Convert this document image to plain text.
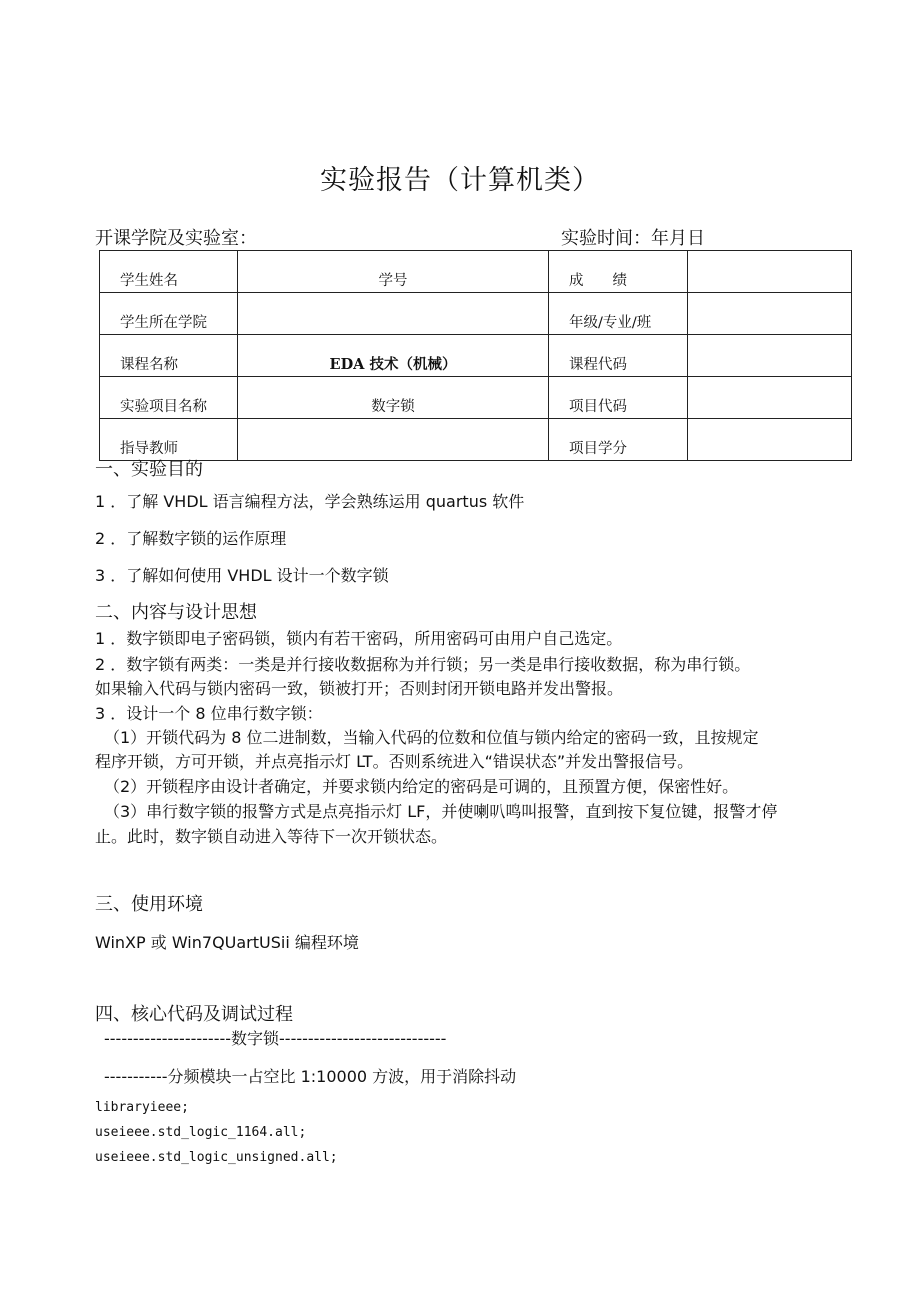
实验报告（计算机类）
开课学院及实验室：	实验时间：年月日
学生姓名	学号	成　　绩	
学生所在学院		年级/专业/班	
课程名称	EDA 技术（机械）	课程代码	
实验项目名称	数字锁	项目代码	
指导教师		项目学分	
一、实验目的
1 ．了解 VHDL 语言编程方法，学会熟练运用 quartus 软件
2 ．了解数字锁的运作原理
3 ．了解如何使用 VHDL 设计一个数字锁
二、内容与设计思想
1 ．数字锁即电子密码锁，锁内有若干密码，所用密码可由用户自己选定。
2 ．数字锁有两类：一类是并行接收数据称为并行锁；另一类是串行接收数据，称为串行锁。
如果输入代码与锁内密码一致，锁被打开；否则封闭开锁电路并发出警报。
3 ．设计一个 8 位串行数字锁：
（1）开锁代码为 8 位二进制数，当输入代码的位数和位值与锁内给定的密码一致，且按规定
程序开锁，方可开锁，并点亮指示灯 LT。否则系统进入“错误状态”并发出警报信号。
（2）开锁程序由设计者确定，并要求锁内给定的密码是可调的，且预置方便，保密性好。
（3）串行数字锁的报警方式是点亮指示灯 LF，并使喇叭鸣叫报警，直到按下复位键，报警才停
止。此时，数字锁自动进入等待下一次开锁状态。
三、使用环境
WinXP 或 Win7QUartUSii 编程环境
四、核心代码及调试过程
----------------------数字锁-----------------------------
-----------分频模块一占空比 1:10000 方波，用于消除抖动
libraryieee;
useieee.std_logic_1164.all;
useieee.std_logic_unsigned.all;
